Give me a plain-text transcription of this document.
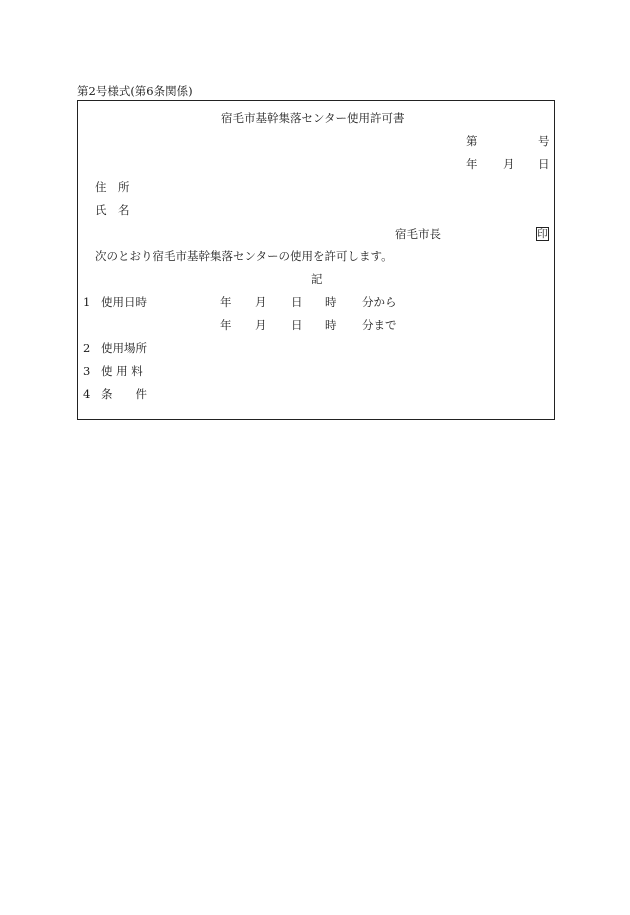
第2号様式(第6条関係)
宿毛市基幹集落センター使用許可書
第	号
年 月 日
住　所
氏　名
宿毛市長	印
次のとおり宿毛市基幹集落センターの使用を許可します。
記
1 使用日時	年 月 日 時 分から
年 月 日 時 分まで
2 使用場所
3 使 用 料
4 条　　件
